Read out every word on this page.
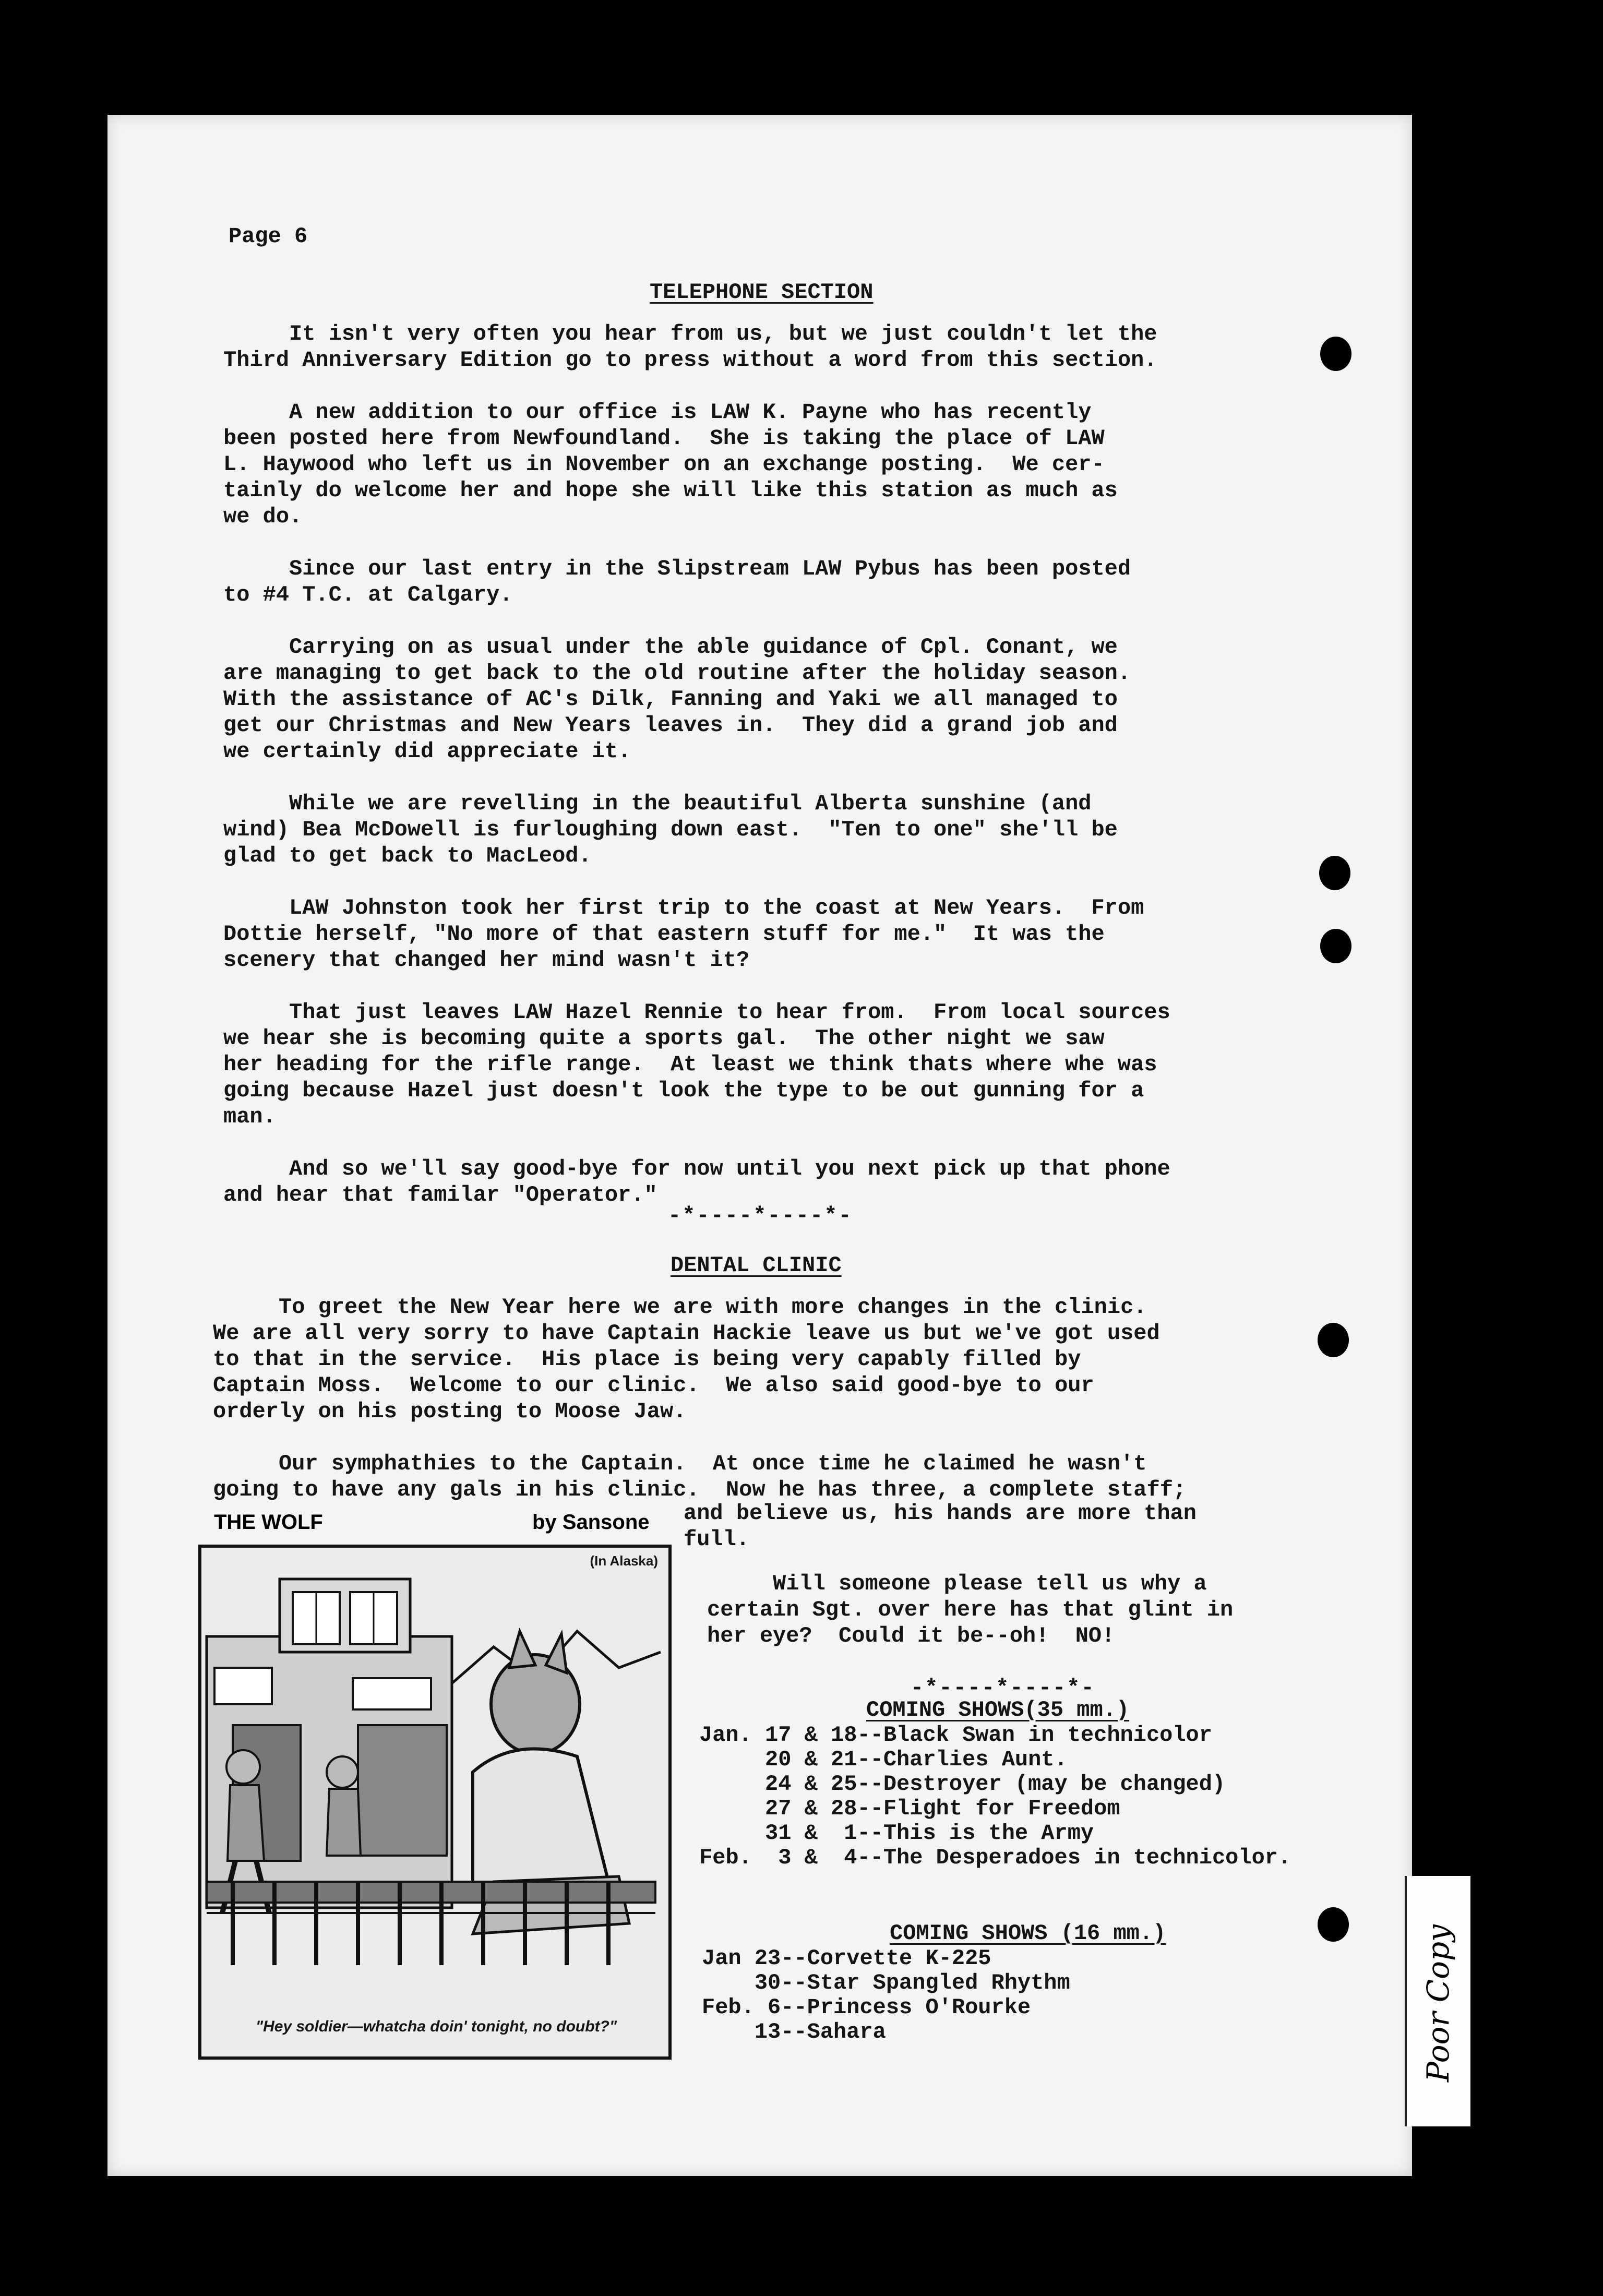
Page 6
TELEPHONE SECTION
It isn't very often you hear from us, but we just couldn't let the
Third Anniversary Edition go to press without a word from this section.
A new addition to our office is LAW K. Payne who has recently
been posted here from Newfoundland.  She is taking the place of LAW
L. Haywood who left us in November on an exchange posting.  We cer-
tainly do welcome her and hope she will like this station as much as
we do.
Since our last entry in the Slipstream LAW Pybus has been posted
to #4 T.C. at Calgary.
Carrying on as usual under the able guidance of Cpl. Conant, we
are managing to get back to the old routine after the holiday season.
With the assistance of AC's Dilk, Fanning and Yaki we all managed to
get our Christmas and New Years leaves in.  They did a grand job and
we certainly did appreciate it.
While we are revelling in the beautiful Alberta sunshine (and
wind) Bea McDowell is furloughing down east.  "Ten to one" she'll be
glad to get back to MacLeod.
LAW Johnston took her first trip to the coast at New Years.  From
Dottie herself, "No more of that eastern stuff for me."  It was the
scenery that changed her mind wasn't it?
That just leaves LAW Hazel Rennie to hear from.  From local sources
we hear she is becoming quite a sports gal.  The other night we saw
her heading for the rifle range.  At least we think thats where whe was
going because Hazel just doesn't look the type to be out gunning for a
man.
And so we'll say good-bye for now until you next pick up that phone
and hear that familar "Operator."
-*----*----*-
DENTAL CLINIC
To greet the New Year here we are with more changes in the clinic.
We are all very sorry to have Captain Hackie leave us but we've got used
to that in the service.  His place is being very capably filled by
Captain Moss.  Welcome to our clinic.  We also said good-bye to our
orderly on his posting to Moose Jaw.
Our symphathies to the Captain.  At once time he claimed he wasn't
going to have any gals in his clinic.  Now he has three, a complete staff;
and believe us, his hands are more than
full.
Will someone please tell us why a
certain Sgt. over here has that glint in
her eye?  Could it be--oh!  NO!
-*----*----*-
COMING SHOWS(35 mm.)
Jan. 17 & 18--Black Swan in technicolor
20 & 21--Charlies Aunt.
24 & 25--Destroyer (may be changed)
27 & 28--Flight for Freedom
31 &  1--This is the Army
Feb.  3 &  4--The Desperadoes in technicolor.
COMING SHOWS (16 mm.)
Jan 23--Corvette K-225
30--Star Spangled Rhythm
Feb. 6--Princess O'Rourke
13--Sahara
THE WOLF	by Sansone
(In Alaska)
"Hey soldier—whatcha doin' tonight, no doubt?"	Poor Copy
